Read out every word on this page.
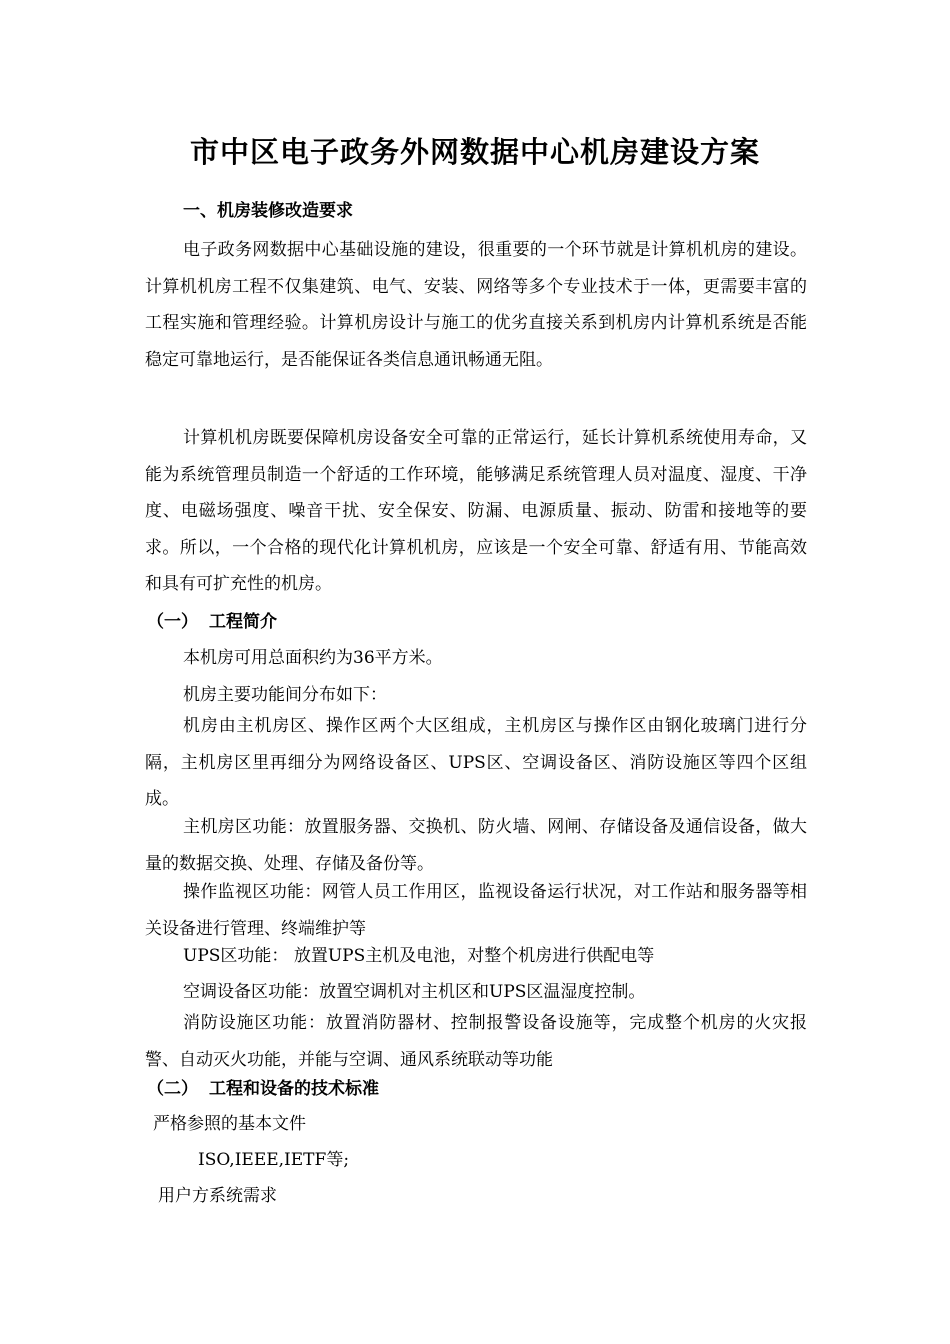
市中区电子政务外网数据中心机房建设方案
一、机房装修改造要求

电子政务网数据中心基础设施的建设，很重要的一个环节就是计算机机房的建设。计算机机房工程不仅集建筑、电气、安装、网络等多个专业技术于一体，更需要丰富的工程实施和管理经验。计算机房设计与施工的优劣直接关系到机房内计算机系统是否能稳定可靠地运行，是否能保证各类信息通讯畅通无阻。

计算机机房既要保障机房设备安全可靠的正常运行，延长计算机系统使用寿命，又能为系统管理员制造一个舒适的工作环境，能够满足系统管理人员对温度、湿度、干净度、电磁场强度、噪音干扰、安全保安、防漏、电源质量、振动、防雷和接地等的要求。所以，一个合格的现代化计算机机房，应该是一个安全可靠、舒适有用、节能高效和具有可扩充性的机房。

（一） 工程简介
本机房可用总面积约为36平方米。
机房主要功能间分布如下：

机房由主机房区、操作区两个大区组成，主机房区与操作区由钢化玻璃门进行分隔，主机房区里再细分为网络设备区、UPS区、空调设备区、消防设施区等四个区组成。

主机房区功能：放置服务器、交换机、防火墙、网闸、存储设备及通信设备，做大量的数据交换、处理、存储及备份等。

操作监视区功能：网管人员工作用区，监视设备运行状况，对工作站和服务器等相关设备进行管理、终端维护等

UPS区功能： 放置UPS主机及电池，对整个机房进行供配电等
空调设备区功能：放置空调机对主机区和UPS区温湿度控制。

消防设施区功能：放置消防器材、控制报警设备设施等，完成整个机房的火灾报警、自动灭火功能，并能与空调、通风系统联动等功能

（二） 工程和设备的技术标准
严格参照的基本文件
ISO,IEEE,IETF等;
用户方系统需求
